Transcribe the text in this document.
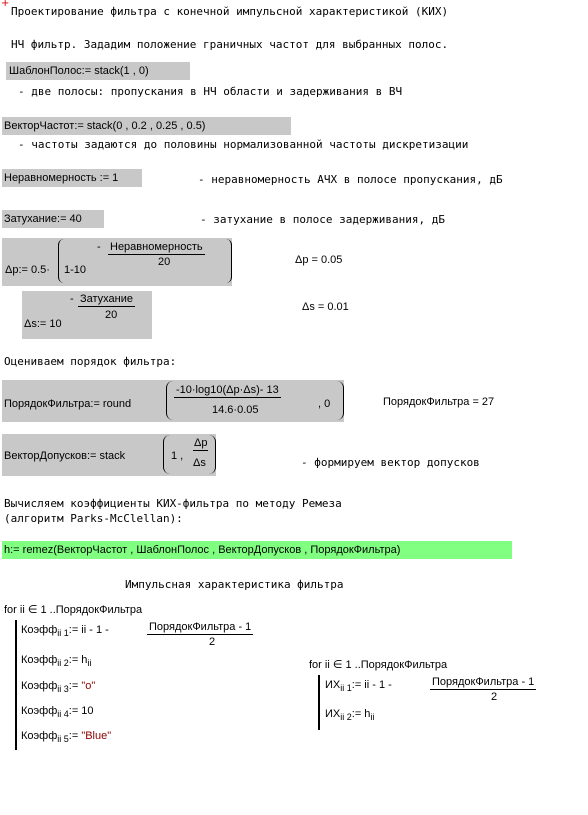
+
Проектирование фильтра с конечной импульсной характеристикой (КИХ)
НЧ фильтр. Зададим положение граничных частот для выбранных полос.
ШаблонПолос:= stack(1 , 0)
- две полосы: пропускания в НЧ области и задерживания в ВЧ
ВекторЧастот:= stack(0 , 0.2 , 0.25 , 0.5)
- частоты задаются до половины нормализованной частоты дискретизации
Неравномерность := 1	- неравномерность АЧХ в полосе пропускания, дБ
Затухание:= 40	- затухание в полосе задерживания, дБ
Δp:= 0.5· 1-10
- Неравномерность
20	Δp = 0.05
Δs:= 10
- Затухание
20
Δs = 0.01
Оцениваем порядок фильтра:
ПорядокФильтра:= round
-10·log10(Δp·Δs)- 13
14.6·0.05	, 0	ПорядокФильтра = 27
ВекторДопусков:= stack	1 ,
Δp
Δs	- формируем вектор допусков
Вычисляем коэффициенты КИХ-фильтра по методу Ремеза
(алгоритм Parks-McClellan):
h:= remez(ВекторЧастот , ШаблонПолос , ВекторДопусков , ПорядокФильтра)
Импульсная характеристика фильтра
for ii ∈ 1 ..ПорядокФильтра
Коэфф$_{ii 1}$:= ii - 1 -	ПорядокФильтра - 1
2
Коэфф$_{ii 2}$:= $h_{ii}$
Коэфф$_{ii 3}$:= "o"
Коэфф$_{ii 4}$:= 10
Коэфф$_{ii 5}$:= "Blue"
for ii ∈ 1 ..ПорядокФильтра
$ИХ_{ii 1}:=$ ii - 1 -	ПорядокФильтра - 1
2
$ИХ_{ii 2}:= h_{ii}$
